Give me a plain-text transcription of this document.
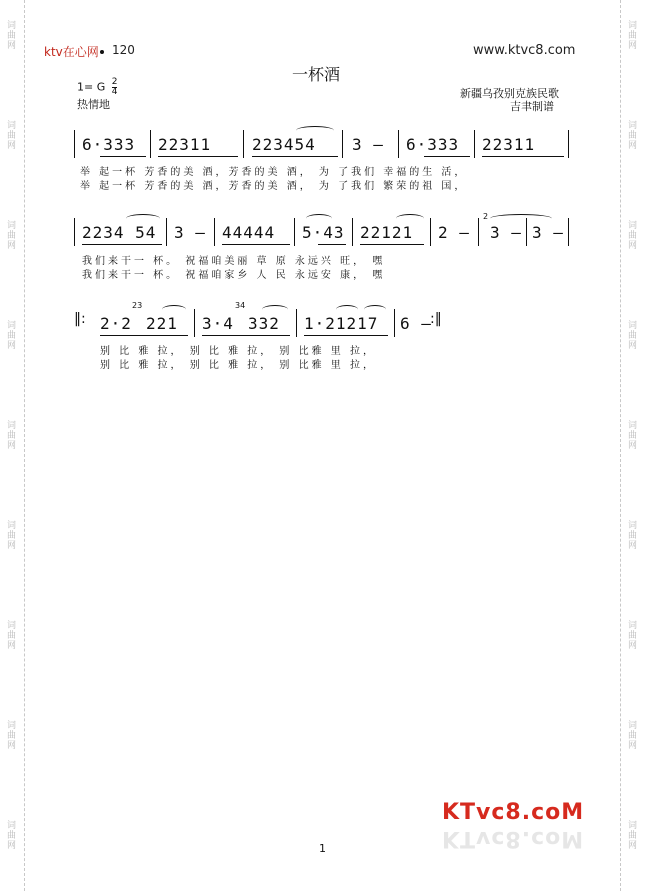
词曲网
词曲网
词曲网
词曲网
词曲网
词曲网
词曲网
词曲网
词曲网
词曲网
词曲网
词曲网
词曲网
词曲网
词曲网
词曲网
词曲网
词曲网
ktv在心网	120	www.ktvc8.com
一杯酒
1= G $\frac{2}{4}$
热情地
新疆乌孜别克族民歌
吉聿制谱
6·333 22311	223454 3 — 6·333 22311
举 起一杯 芳香的美 酒，芳香的美 酒， 为 了我们 幸福的生 活，
举 起一杯 芳香的美 酒，芳香的美 酒， 为 了我们 繁荣的祖 国，
2234 54 3 — 44444 5·43 22121 2 —
2
3 — 3 —
我们来干一 杯。 祝福咱美丽 草 原 永远兴 旺， 嘿
我们来干一 杯。 祝福咱家乡 人 民 永远安 康， 嘿
‖: 2·2
23
221 3·4
34
332 1·21217 6 —
:‖
别 比 雅 拉， 别 比 雅 拉， 别 比雅 里 拉，
别 比 雅 拉， 别 比 雅 拉， 别 比雅 里 拉，
KTvc8.coM
KTvc8.coM
1
